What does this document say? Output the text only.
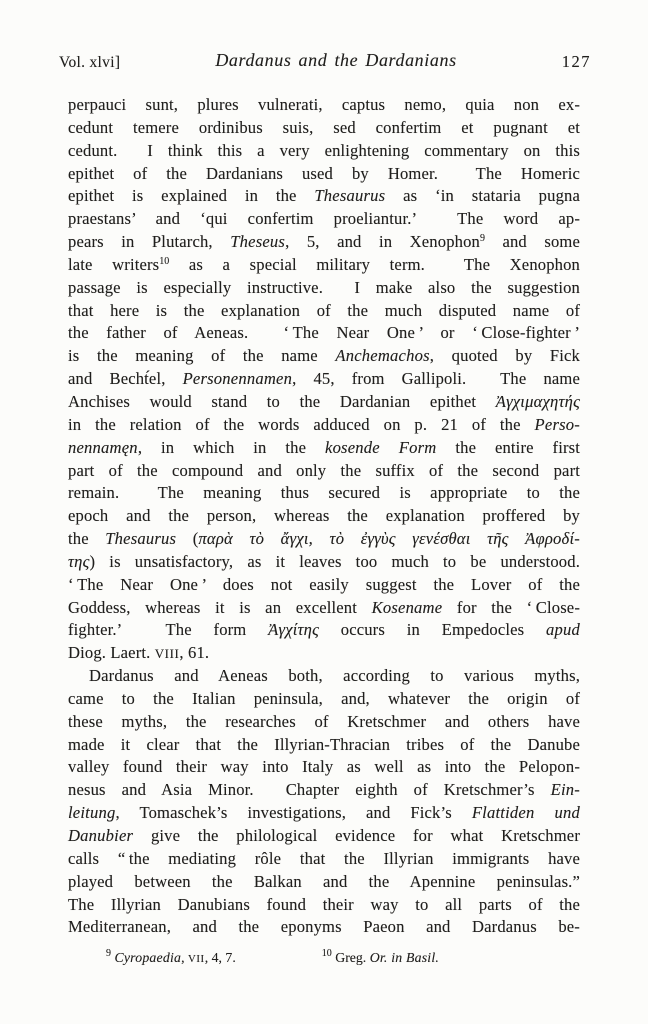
Vol. xlvi]	Dardanus and the Dardanians	127
perpauci sunt, plures vulnerati, captus nemo, quia non ex-
cedunt temere ordinibus suis, sed confertim et pugnant et
cedunt.  I think this a very enlightening commentary on this
epithet of the Dardanians used by Homer.  The Homeric
epithet is explained in the Thesaurus as ‘in stataria pugna
praestans’ and ‘qui confertim proeliantur.’  The word ap-
pears in Plutarch, Theseus, 5, and in Xenophon$^9$ and some
late writers$^{10}$ as a special military term.  The Xenophon
passage is especially instructive.  I make also the suggestion
that here is the explanation of the much disputed name of
the father of Aeneas.  ‘ The Near One ’ or ‘ Close-fighter ’
is the meaning of the name Anchemachos, quoted by Fick
and Becht́el, Personennamen, 45, from Gallipoli.  The name
Anchises would stand to the Dardanian epithet Ἀγχιμαχητής
in the relation of the words adduced on p. 21 of the Perso-
nennamęn, in which in the kosende Form the entire first
part of the compound and only the suffix of the second part
remain.  The meaning thus secured is appropriate to the
epoch and the person, whereas the explanation proffered by
the Thesaurus (παρὰ τὸ ἄγχι, τὸ ἐγγὺς γενέσθαι τῆς Ἀφροδί-
της) is unsatisfactory, as it leaves too much to be understood.
‘ The Near One ’ does not easily suggest the Lover of the
Goddess, whereas it is an excellent Kosename for the ‘ Close-
fighter.’  The form Ἀγχίτης occurs in Empedocles apud
Diog. Laert. VIII, 61.
Dardanus and Aeneas both, according to various myths,
came to the Italian peninsula, and, whatever the origin of
these myths, the researches of Kretschmer and others have
made it clear that the Illyrian-Thracian tribes of the Danube
valley found their way into Italy as well as into the Pelopon-
nesus and Asia Minor.  Chapter eighth of Kretschmer’s Ein-
leitung, Tomaschek’s investigations, and Fick’s Flattiden und
Danubier give the philological evidence for what Kretschmer
calls “ the mediating rôle that the Illyrian immigrants have
played between the Balkan and the Apennine peninsulas.”
The Illyrian Danubians found their way to all parts of the
Mediterranean, and the eponyms Paeon and Dardanus be-
$^9$ Cyropaedia, VII, 4, 7.	$^{10}$ Greg. Or. in Basil.
